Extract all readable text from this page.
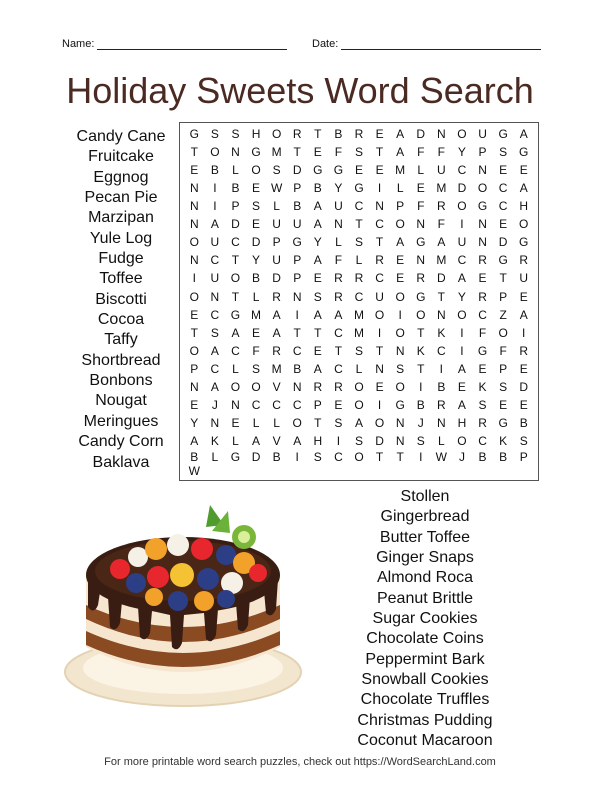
Name:	Date:
Holiday Sweets Word Search
Candy Cane
Fruitcake
Eggnog
Pecan Pie
Marzipan
Yule Log
Fudge
Toffee
Biscotti
Cocoa
Taffy
Shortbread
Bonbons
Nougat
Meringues
Candy Corn
Baklava
G S	S	H O R	T	B	R	E	A	D N O U G A
T	O N G M T	E	F	S	T	A	F	F	Y	P	S G
E	B	L	O S	D G G E	E M	L	U C N	E	E
N	I	B	E W P	B	Y G	I	L	E M D O C	A
N	I	P	S	L	B	A	U C N	P	F	R O G C H
N	A	D	E	U U	A	N	T	C O N	F	I	N	E O
O U C D	P G Y	L	S	T	A G A	U N D G
N C	T	Y	U	P	A	F	L	R	E	N M C R G R
I	U O B	D	P	E	R R C	E	R D	A	E	T	U
O N	T	L	R N	S	R C U O G	T	Y	R	P	E
E	C G M A	I	A	A M O	I	O N O C	Z	A
T	S	A	E	A	T	T	C M	I	O	T	K	I	F	O	I
O A	C	F	R C	E	T	S	T	N	K	C	I	G	F	R
P	C	L	S M B	A	C	L	N	S	T	I	A	E	P	E
N	A O O V	N R R O E O	I	B	E	K	S	D
E	J	N C C C	P	E O	I	G B	R	A	S	E	E
Y	N	E	L	L	O	T	S	A O N	J	N H R G B
A	K	L	A	V	A	H	I	S	D N	S	L	O C	K	S
B	L	G D	B	I	S	C O	T	T	I	W J	B	B	P
W
Stollen
Gingerbread
Butter Toffee
Ginger Snaps
Almond Roca
Peanut Brittle
Sugar Cookies
Chocolate Coins
Peppermint Bark
Snowball Cookies
Chocolate Truffles
Christmas Pudding
Coconut Macaroon
For more printable word search puzzles, check out https://WordSearchLand.com
